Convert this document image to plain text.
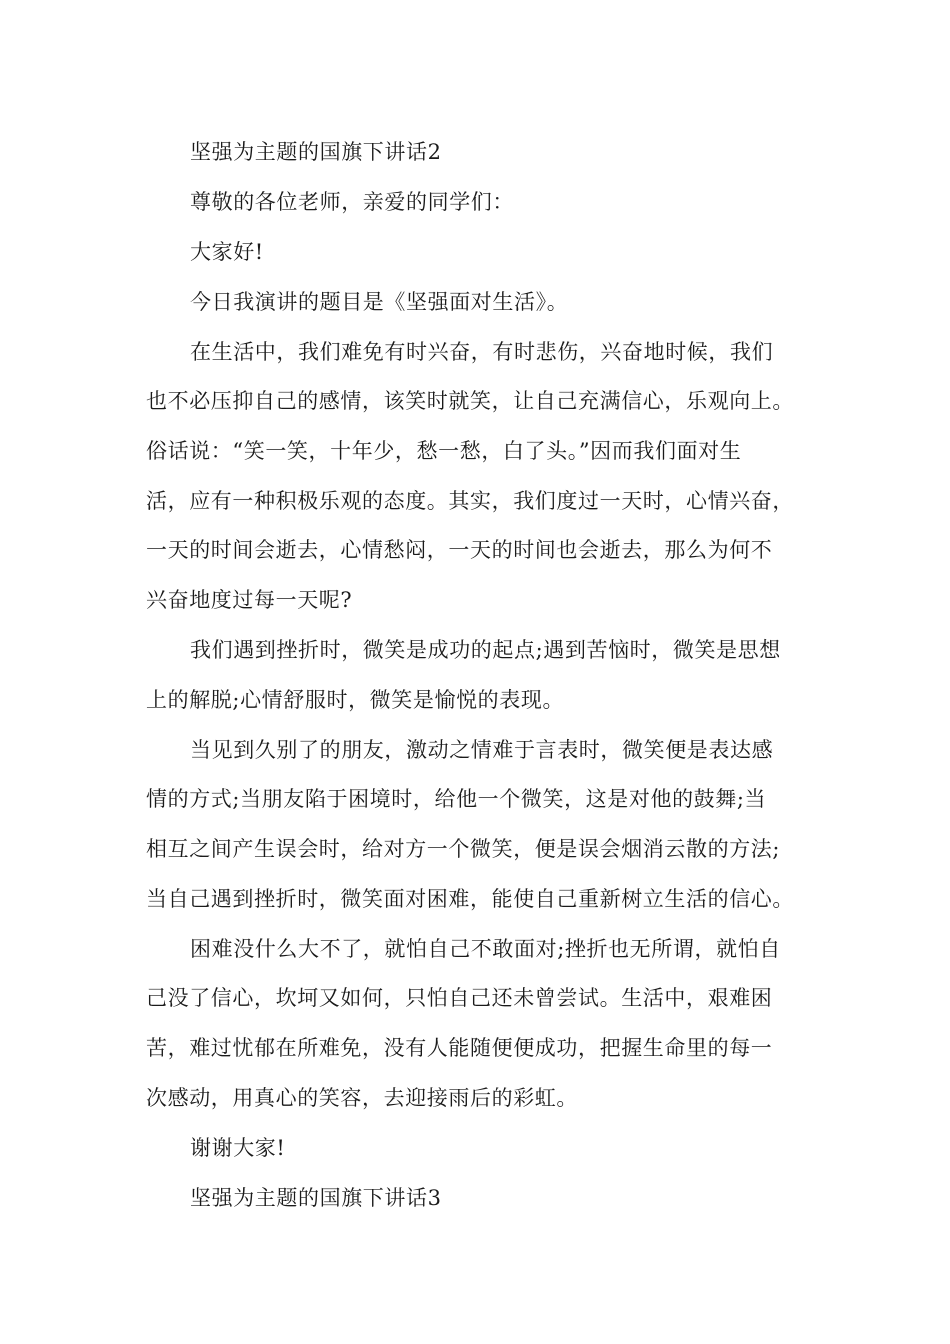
坚强为主题的国旗下讲话2
尊敬的各位老师，亲爱的同学们：
大家好!
今日我演讲的题目是《坚强面对生活》。
在生活中，我们难免有时兴奋，有时悲伤，兴奋地时候，我们
也不必压抑自己的感情，该笑时就笑，让自己充满信心，乐观向上。
俗话说：“笑一笑，十年少，愁一愁，白了头。”因而我们面对生
活，应有一种积极乐观的态度。其实，我们度过一天时，心情兴奋，
一天的时间会逝去，心情愁闷，一天的时间也会逝去，那么为何不
兴奋地度过每一天呢?
我们遇到挫折时，微笑是成功的起点;遇到苦恼时，微笑是思想
上的解脱;心情舒服时，微笑是愉悦的表现。
当见到久别了的朋友，激动之情难于言表时，微笑便是表达感
情的方式;当朋友陷于困境时，给他一个微笑，这是对他的鼓舞;当
相互之间产生误会时，给对方一个微笑，便是误会烟消云散的方法;
当自己遇到挫折时，微笑面对困难，能使自己重新树立生活的信心。
困难没什么大不了，就怕自己不敢面对;挫折也无所谓，就怕自
己没了信心，坎坷又如何，只怕自己还未曾尝试。生活中，艰难困
苦，难过忧郁在所难免，没有人能随便便成功，把握生命里的每一
次感动，用真心的笑容，去迎接雨后的彩虹。
谢谢大家!
坚强为主题的国旗下讲话3
